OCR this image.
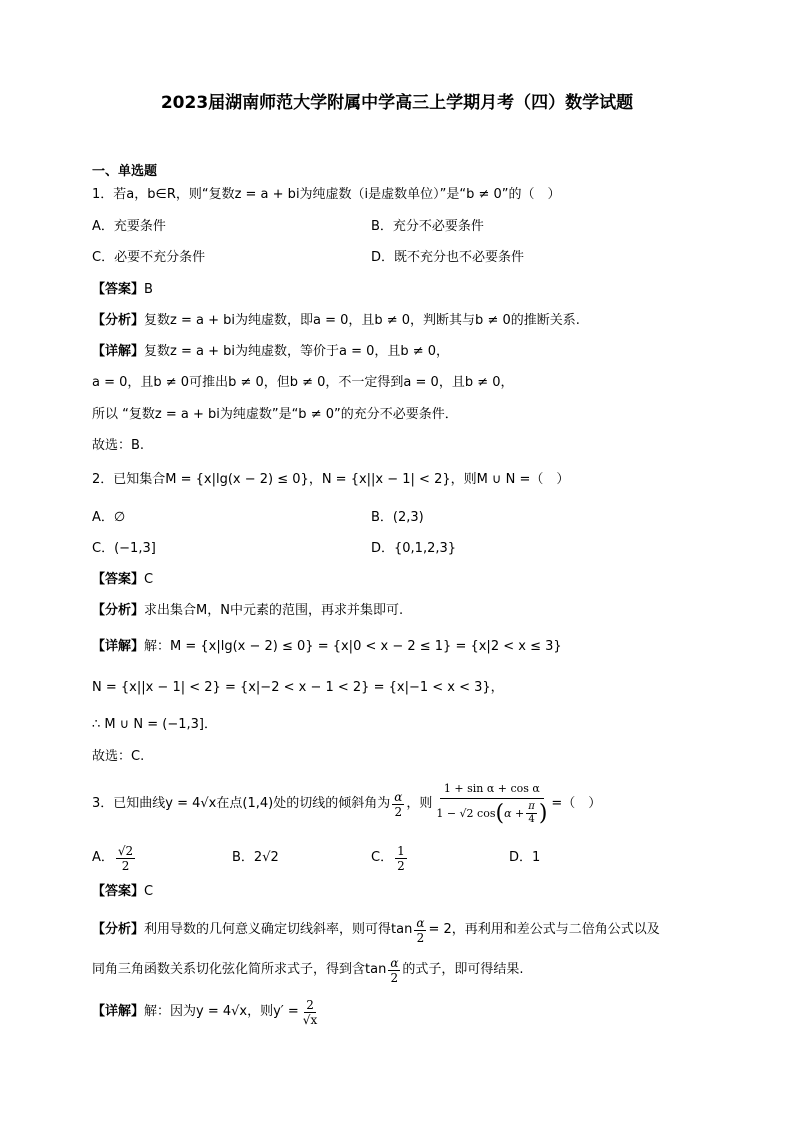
2023届湖南师范大学附属中学高三上学期月考（四）数学试题
一、单选题
1．若a，b∈R，则“复数z = a + bi为纯虚数（i是虚数单位）”是“b ≠ 0”的（　）
A．充要条件	B．充分不必要条件
C．必要不充分条件	D．既不充分也不必要条件
【答案】B
【分析】复数z = a + bi为纯虚数，即a = 0，且b ≠ 0，判断其与b ≠ 0的推断关系.
【详解】复数z = a + bi为纯虚数，等价于a = 0，且b ≠ 0，
a = 0，且b ≠ 0可推出b ≠ 0，但b ≠ 0，不一定得到a = 0，且b ≠ 0，
所以 “复数z = a + bi为纯虚数”是“b ≠ 0”的充分不必要条件．
故选：B.
2．已知集合M = {x|lg(x − 2) ≤ 0}，N = {x||x − 1| < 2}，则M ∪ N =（　）
A．∅	B．(2,3)
C．(−1,3]	D．{0,1,2,3}
【答案】C
【分析】求出集合M，N中元素的范围，再求并集即可.
【详解】解：M = {x|lg(x − 2) ≤ 0} = {x|0 < x − 2 ≤ 1} = {x|2 < x ≤ 3}
N = {x||x − 1| < 2} = {x|−2 < x − 1 < 2} = {x|−1 < x < 3}，
∴ M ∪ N = (−1,3]．
故选：C.
3．已知曲线y = 4√x在点(1,4)处的切线的倾斜角为 $\frac{\alpha}{2}$ ，则 $\frac{\text{1 + sin α + cos α}}{1 - √2 \cos ( \alpha + \frac{\pi}{4} )}$ =（　）
A． $\frac{√2}{2}$	B．2√2	C． $\frac{1}{2}$	D．1
【答案】C
【分析】 利用导数的几何意义确定切线斜率，则可得$\tan \frac{\alpha}{2} = 2$，再利用和差公式与二倍角公式以及
同角三角函数关系切化弦化简所求式子，得到含$\tan \frac{\alpha}{2}$ 的式子，即可得结果.
【详解】 解：因为y = 4√x，则$y' = \frac{2}{√x}$
